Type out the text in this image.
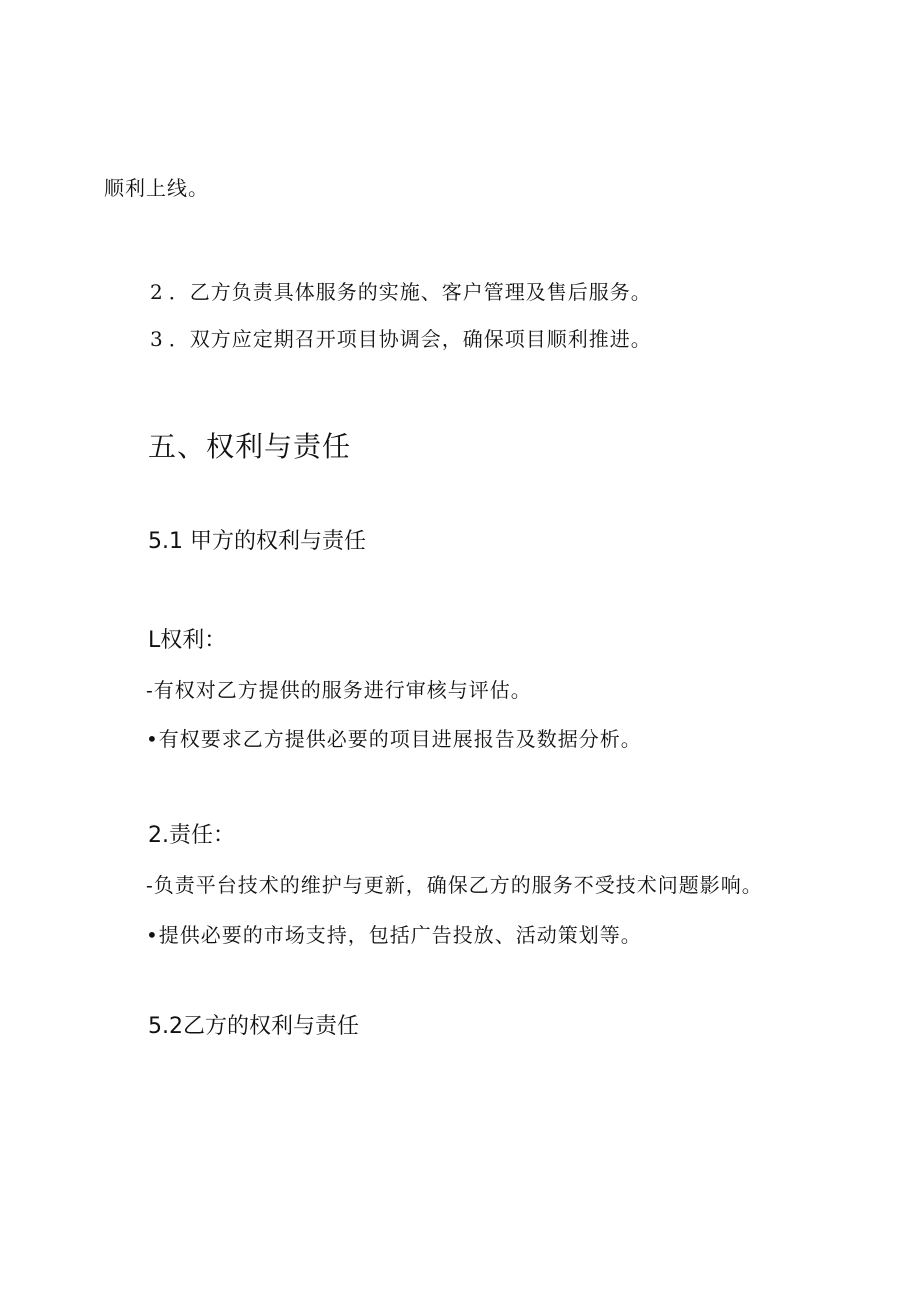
顺利上线。
2．乙方负责具体服务的实施、客户管理及售后服务。
3．双方应定期召开项目协调会，确保项目顺利推进。
五、权利与责任
5.1 甲方的权利与责任
L权利：
-有权对乙方提供的服务进行审核与评估。
•有权要求乙方提供必要的项目进展报告及数据分析。
2.责任：
-负责平台技术的维护与更新，确保乙方的服务不受技术问题影响。
•提供必要的市场支持，包括广告投放、活动策划等。
5.2乙方的权利与责任
